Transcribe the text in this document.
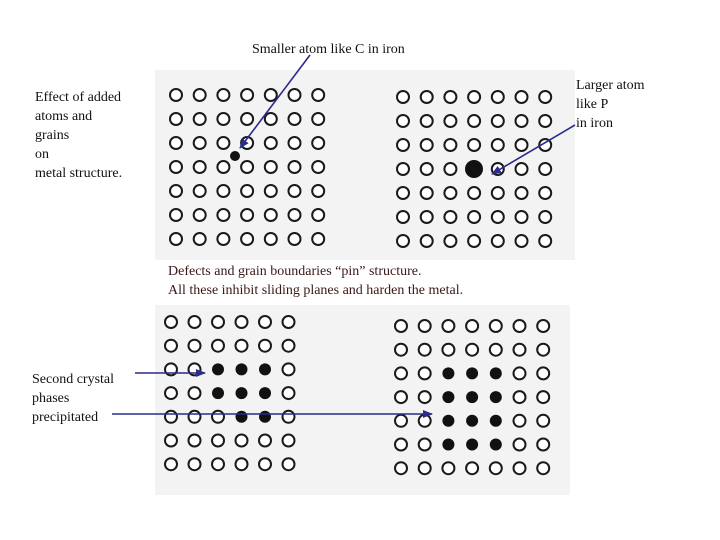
Smaller atom like C in iron
Effect of added
atoms and
grains
on
metal structure.
Larger atom
like P
in iron
Defects and grain boundaries “pin” structure.
All these inhibit sliding planes and harden the metal.
Second crystal
phases
precipitated
